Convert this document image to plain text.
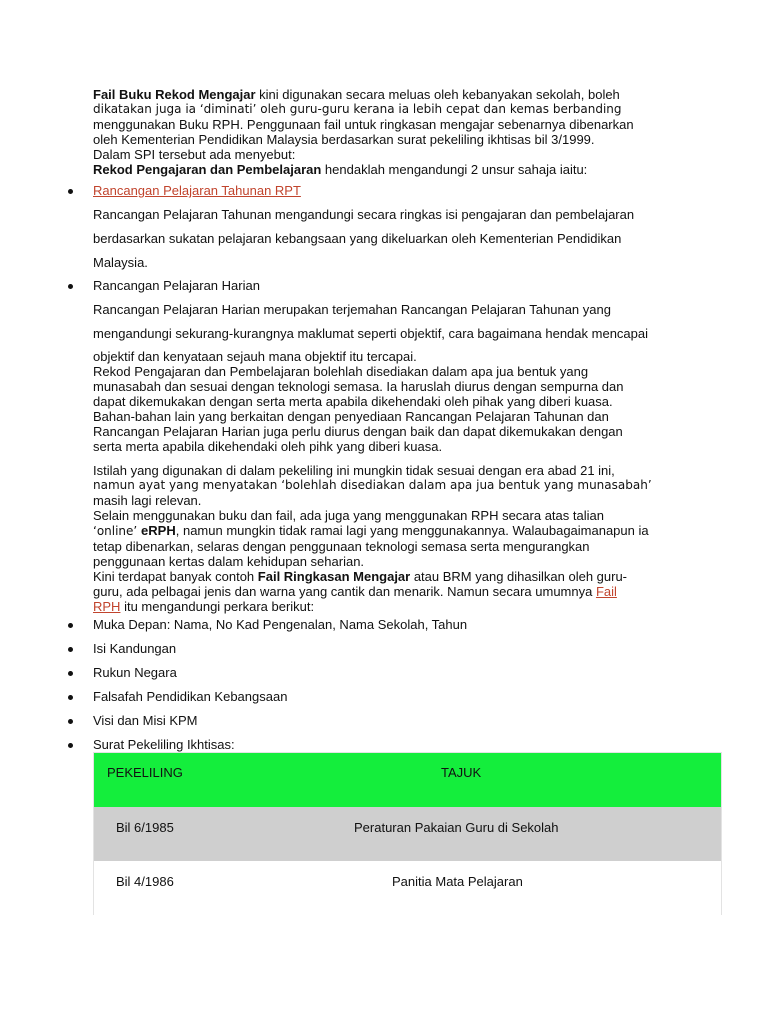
Fail Buku Rekod Mengajar kini digunakan secara meluas oleh kebanyakan sekolah, boleh
dikatakan juga ia ‘diminati’ oleh guru-guru kerana ia lebih cepat dan kemas berbanding
menggunakan Buku RPH. Penggunaan fail untuk ringkasan mengajar sebenarnya dibenarkan
oleh Kementerian Pendidikan Malaysia berdasarkan surat pekeliling ikhtisas bil 3/1999.
Dalam SPI tersebut ada menyebut:
Rekod Pengajaran dan Pembelajaran hendaklah mengandungi 2 unsur sahaja iaitu:
Rancangan Pelajaran Tahunan RPT
Rancangan Pelajaran Tahunan mengandungi secara ringkas isi pengajaran dan pembelajaran
berdasarkan sukatan pelajaran kebangsaan yang dikeluarkan oleh Kementerian Pendidikan
Malaysia.
Rancangan Pelajaran Harian
Rancangan Pelajaran Harian merupakan terjemahan Rancangan Pelajaran Tahunan yang
mengandungi sekurang-kurangnya maklumat seperti objektif, cara bagaimana hendak mencapai
objektif dan kenyataan sejauh mana objektif itu tercapai.
Rekod Pengajaran dan Pembelajaran bolehlah disediakan dalam apa jua bentuk yang
munasabah dan sesuai dengan teknologi semasa. Ia haruslah diurus dengan sempurna dan
dapat dikemukakan dengan serta merta apabila dikehendaki oleh pihak yang diberi kuasa.
Bahan-bahan lain yang berkaitan dengan penyediaan Rancangan Pelajaran Tahunan dan
Rancangan Pelajaran Harian juga perlu diurus dengan baik dan dapat dikemukakan dengan
serta merta apabila dikehendaki oleh pihk yang diberi kuasa.
Istilah yang digunakan di dalam pekeliling ini mungkin tidak sesuai dengan era abad 21 ini,
namun ayat yang menyatakan ‘bolehlah disediakan dalam apa jua bentuk yang munasabah’
masih lagi relevan.
Selain menggunakan buku dan fail, ada juga yang menggunakan RPH secara atas talian
‘online’ eRPH, namun mungkin tidak ramai lagi yang menggunakannya. Walaubagaimanapun ia
tetap dibenarkan, selaras dengan penggunaan teknologi semasa serta mengurangkan
penggunaan kertas dalam kehidupan seharian.
Kini terdapat banyak contoh Fail Ringkasan Mengajar atau BRM yang dihasilkan oleh guru-
guru, ada pelbagai jenis dan warna yang cantik dan menarik. Namun secara umumnya Fail
RPH itu mengandungi perkara berikut:
Muka Depan: Nama, No Kad Pengenalan, Nama Sekolah, Tahun
Isi Kandungan
Rukun Negara
Falsafah Pendidikan Kebangsaan
Visi dan Misi KPM
Surat Pekeliling Ikhtisas:
PEKELILING	TAJUK
Bil 6/1985	Peraturan Pakaian Guru di Sekolah
Bil 4/1986	Panitia Mata Pelajaran
